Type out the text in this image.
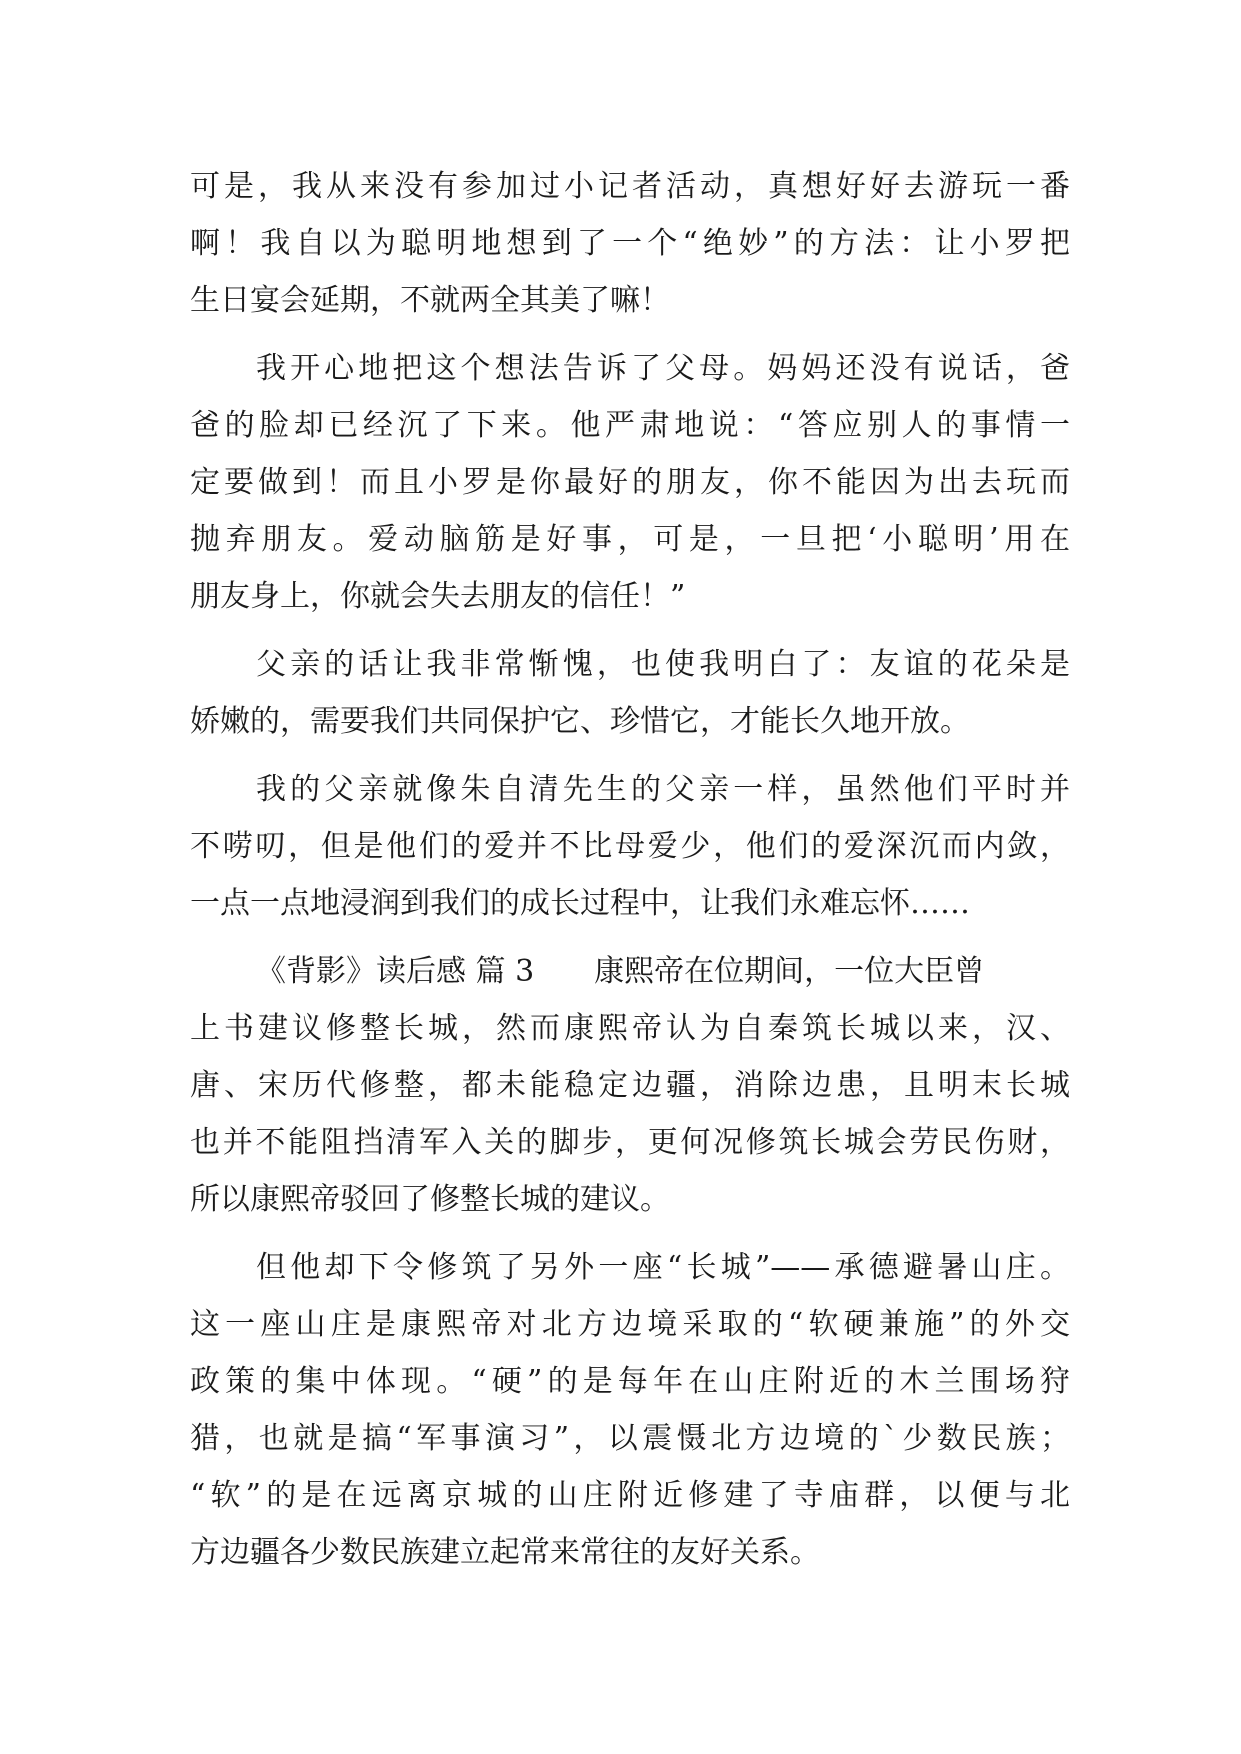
可是，我从来没有参加过小记者活动，真想好好去游玩一番
啊！我自以为聪明地想到了一个“绝妙”的方法：让小罗把
生日宴会延期，不就两全其美了嘛！
我开心地把这个想法告诉了父母。妈妈还没有说话，爸
爸的脸却已经沉了下来。他严肃地说：“答应别人的事情一
定要做到！而且小罗是你最好的朋友，你不能因为出去玩而
抛弃朋友。爱动脑筋是好事，可是，一旦把‘小聪明’用在
朋友身上，你就会失去朋友的信任！”
父亲的话让我非常惭愧，也使我明白了：友谊的花朵是
娇嫩的，需要我们共同保护它、珍惜它，才能长久地开放。
我的父亲就像朱自清先生的父亲一样，虽然他们平时并
不唠叨，但是他们的爱并不比母爱少，他们的爱深沉而内敛，
一点一点地浸润到我们的成长过程中，让我们永难忘怀……
《背影》读后感 篇 3 康熙帝在位期间，一位大臣曾
上书建议修整长城，然而康熙帝认为自秦筑长城以来，汉、
唐、宋历代修整，都未能稳定边疆，消除边患，且明末长城
也并不能阻挡清军入关的脚步，更何况修筑长城会劳民伤财，
所以康熙帝驳回了修整长城的建议。
但他却下令修筑了另外一座“长城”——承德避暑山庄。
这一座山庄是康熙帝对北方边境采取的“软硬兼施”的外交
政策的集中体现。“硬”的是每年在山庄附近的木兰围场狩
猎，也就是搞“军事演习”，以震慑北方边境的`少数民族；
“软”的是在远离京城的山庄附近修建了寺庙群，以便与北
方边疆各少数民族建立起常来常往的友好关系。
